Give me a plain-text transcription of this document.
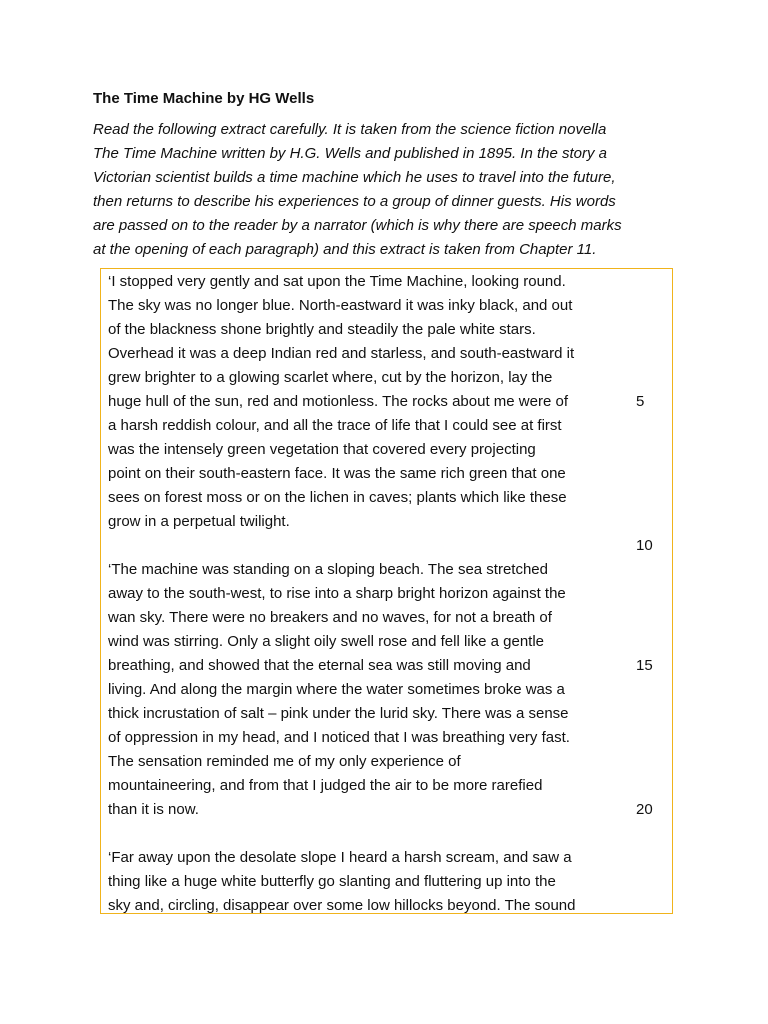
The Time Machine by HG Wells
Read the following extract carefully. It is taken from the science fiction novella
The Time Machine written by H.G. Wells and published in 1895. In the story a
Victorian scientist builds a time machine which he uses to travel into the future,
then returns to describe his experiences to a group of dinner guests. His words
are passed on to the reader by a narrator (which is why there are speech marks
at the opening of each paragraph) and this extract is taken from Chapter 11.
‘I stopped very gently and sat upon the Time Machine, looking round.
The sky was no longer blue. North-eastward it was inky black, and out
of the blackness shone brightly and steadily the pale white stars.
Overhead it was a deep Indian red and starless, and south-eastward it
grew brighter to a glowing scarlet where, cut by the horizon, lay the
huge hull of the sun, red and motionless. The rocks about me were of
a harsh reddish colour, and all the trace of life that I could see at first
was the intensely green vegetation that covered every projecting
point on their south-eastern face. It was the same rich green that one
sees on forest moss or on the lichen in caves; plants which like these
grow in a perpetual twilight.
‘The machine was standing on a sloping beach. The sea stretched
away to the south-west, to rise into a sharp bright horizon against the
wan sky. There were no breakers and no waves, for not a breath of
wind was stirring. Only a slight oily swell rose and fell like a gentle
breathing, and showed that the eternal sea was still moving and
living. And along the margin where the water sometimes broke was a
thick incrustation of salt – pink under the lurid sky. There was a sense
of oppression in my head, and I noticed that I was breathing very fast.
The sensation reminded me of my only experience of
mountaineering, and from that I judged the air to be more rarefied
than it is now.
‘Far away upon the desolate slope I heard a harsh scream, and saw a
thing like a huge white butterfly go slanting and fluttering up into the
sky and, circling, disappear over some low hillocks beyond. The sound
5
10
15
20
